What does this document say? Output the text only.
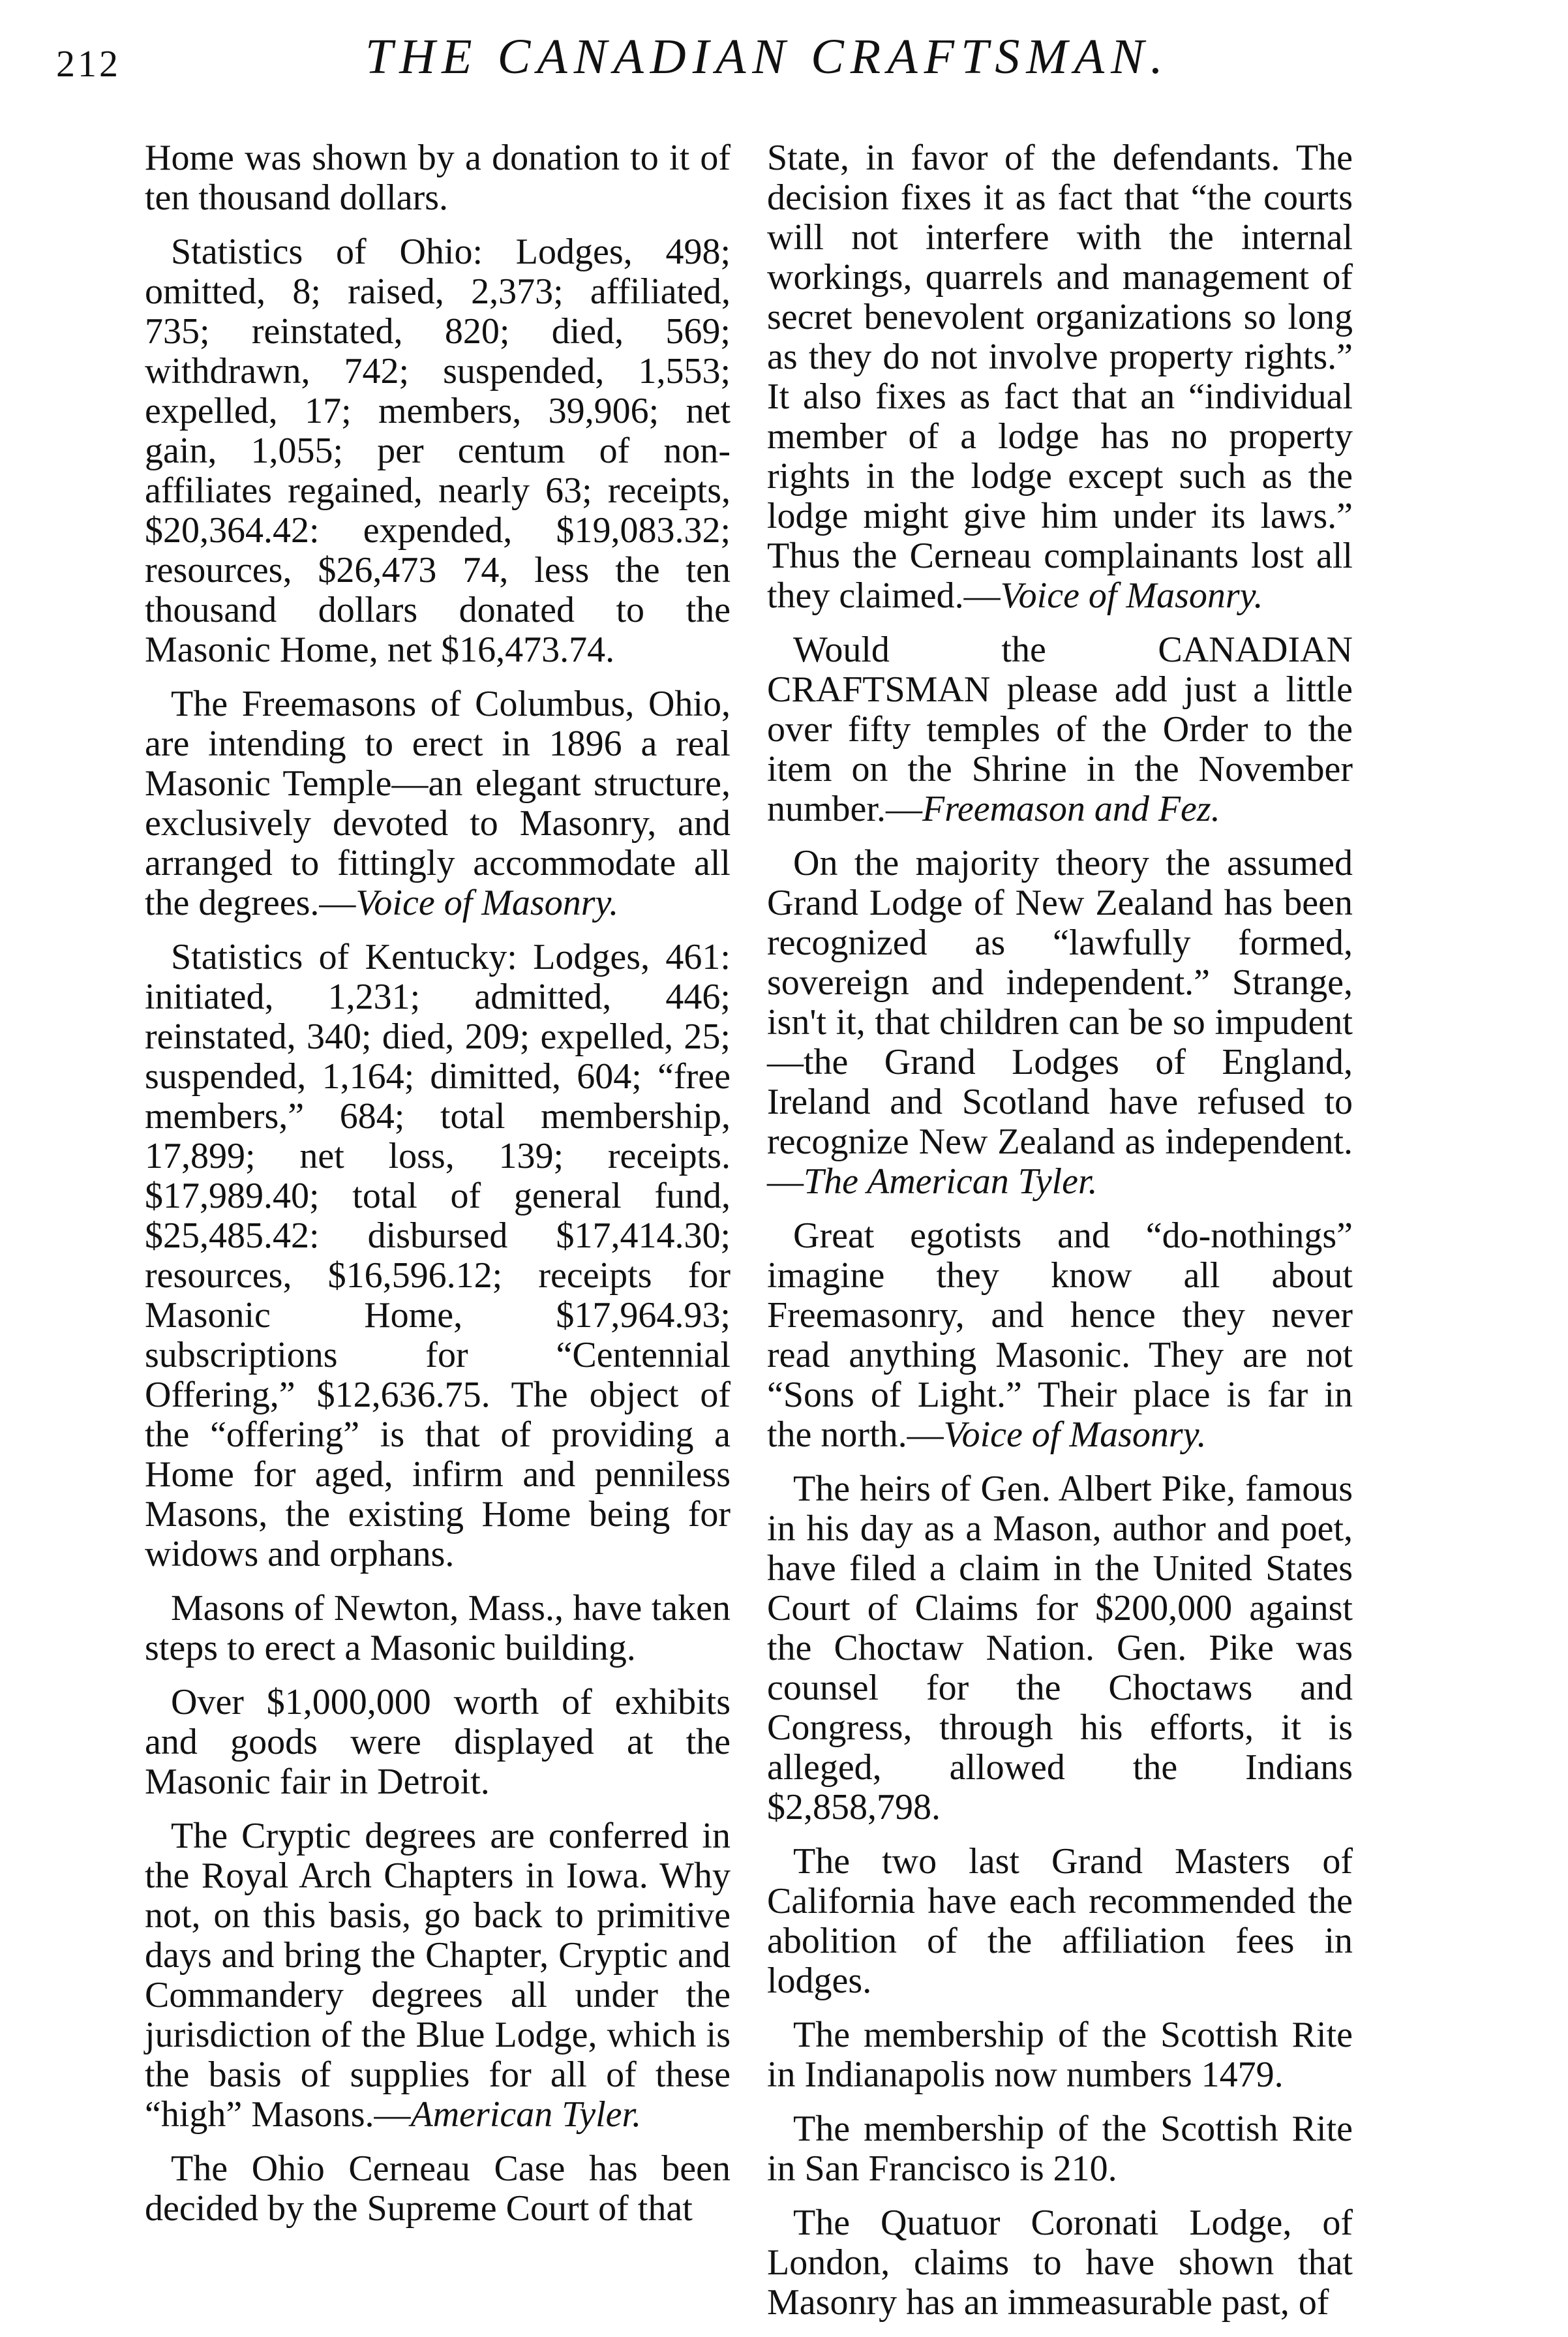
212	THE CANADIAN CRAFTSMAN.

Home was shown by a donation to it of ten thousand dollars.

Statistics of Ohio: Lodges, 498; omitted, 8; raised, 2,373; affiliated, 735; reinstated, 820; died, 569; withdrawn, 742; suspended, 1,553; expelled, 17; members, 39,906; net gain, 1,055; per centum of non-affiliates regained, nearly 63; receipts, $20,364.42: expended, $19,083.32; resources, $26,473 74, less the ten thousand dollars donated to the Masonic Home, net $16,473.74.

The Freemasons of Columbus, Ohio, are intending to erect in 1896 a real Masonic Temple—an elegant structure, exclusively devoted to Masonry, and arranged to fittingly accommodate all the degrees.—Voice of Masonry.

Statistics of Kentucky: Lodges, 461: initiated, 1,231; admitted, 446; reinstated, 340; died, 209; expelled, 25; suspended, 1,164; dimitted, 604; “free members,” 684; total membership, 17,899; net loss, 139; receipts. $17,989.40; total of general fund, $25,485.42: disbursed $17,414.30; resources, $16,596.12; receipts for Masonic Home, $17,964.93; subscriptions for “Centennial Offering,” $12,636.75. The object of the “offering” is that of providing a Home for aged, infirm and penniless Masons, the existing Home being for widows and orphans.

Masons of Newton, Mass., have taken steps to erect a Masonic building.

Over $1,000,000 worth of exhibits and goods were displayed at the Masonic fair in Detroit.

The Cryptic degrees are conferred in the Royal Arch Chapters in Iowa. Why not, on this basis, go back to primitive days and bring the Chapter, Cryptic and Commandery degrees all under the jurisdiction of the Blue Lodge, which is the basis of supplies for all of these “high” Masons.—American Tyler.

The Ohio Cerneau Case has been decided by the Supreme Court of that

State, in favor of the defendants. The decision fixes it as fact that “the courts will not interfere with the internal workings, quarrels and management of secret benevolent organizations so long as they do not involve property rights.” It also fixes as fact that an “individual member of a lodge has no property rights in the lodge except such as the lodge might give him under its laws.” Thus the Cerneau complainants lost all they claimed.—Voice of Masonry.

Would the CANADIAN CRAFTSMAN please add just a little over fifty temples of the Order to the item on the Shrine in the November number.—Freemason and Fez.

On the majority theory the assumed Grand Lodge of New Zealand has been recognized as “lawfully formed, sovereign and independent.” Strange, isn't it, that children can be so impudent—the Grand Lodges of England, Ireland and Scotland have refused to recognize New Zealand as independent.—The American Tyler.

Great egotists and “do-nothings” imagine they know all about Freemasonry, and hence they never read anything Masonic. They are not “Sons of Light.” Their place is far in the north.—Voice of Masonry.

The heirs of Gen. Albert Pike, famous in his day as a Mason, author and poet, have filed a claim in the United States Court of Claims for $200,000 against the Choctaw Nation. Gen. Pike was counsel for the Choctaws and Congress, through his efforts, it is alleged, allowed the Indians $2,858,798.

The two last Grand Masters of California have each recommended the abolition of the affiliation fees in lodges.

The membership of the Scottish Rite in Indianapolis now numbers 1479.

The membership of the Scottish Rite in San Francisco is 210.

The Quatuor Coronati Lodge, of London, claims to have shown that Masonry has an immeasurable past, of
